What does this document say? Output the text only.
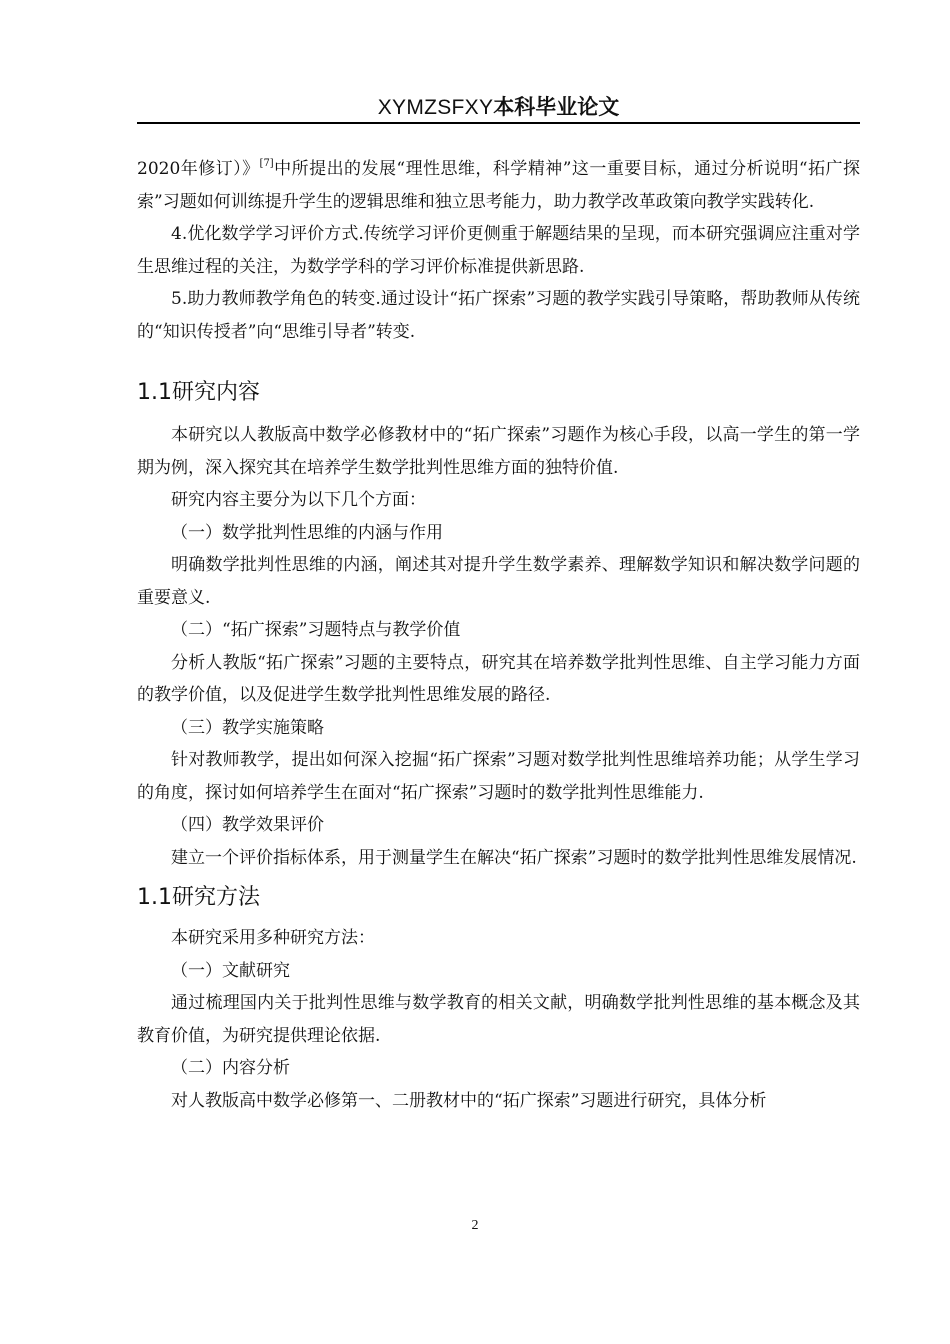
XYMZSFXY本科毕业论文

2020年修订）》[7]中所提出的发展“理性思维，科学精神”这一重要目标，通过分析说明“拓广探索”习题如何训练提升学生的逻辑思维和独立思考能力，助力教学改革政策向教学实践转化.

4.优化数学学习评价方式.传统学习评价更侧重于解题结果的呈现，而本研究强调应注重对学生思维过程的关注，为数学学科的学习评价标准提供新思路.

5.助力教师教学角色的转变.通过设计“拓广探索”习题的教学实践引导策略，帮助教师从传统的“知识传授者”向“思维引导者”转变.

1.1研究内容

本研究以人教版高中数学必修教材中的“拓广探索”习题作为核心手段，以高一学生的第一学期为例，深入探究其在培养学生数学批判性思维方面的独特价值.

研究内容主要分为以下几个方面：

（一）数学批判性思维的内涵与作用

明确数学批判性思维的内涵，阐述其对提升学生数学素养、理解数学知识和解决数学问题的重要意义.

（二）“拓广探索”习题特点与教学价值

分析人教版“拓广探索”习题的主要特点，研究其在培养数学批判性思维、自主学习能力方面的教学价值，以及促进学生数学批判性思维发展的路径.

（三）教学实施策略

针对教师教学，提出如何深入挖掘“拓广探索”习题对数学批判性思维培养功能；从学生学习的角度，探讨如何培养学生在面对“拓广探索”习题时的数学批判性思维能力.

（四）教学效果评价

建立一个评价指标体系，用于测量学生在解决“拓广探索”习题时的数学批判性思维发展情况.

1.1研究方法

本研究采用多种研究方法：

（一）文献研究

通过梳理国内关于批判性思维与数学教育的相关文献，明确数学批判性思维的基本概念及其教育价值，为研究提供理论依据.

（二）内容分析

对人教版高中数学必修第一、二册教材中的“拓广探索”习题进行研究，具体分析

2
